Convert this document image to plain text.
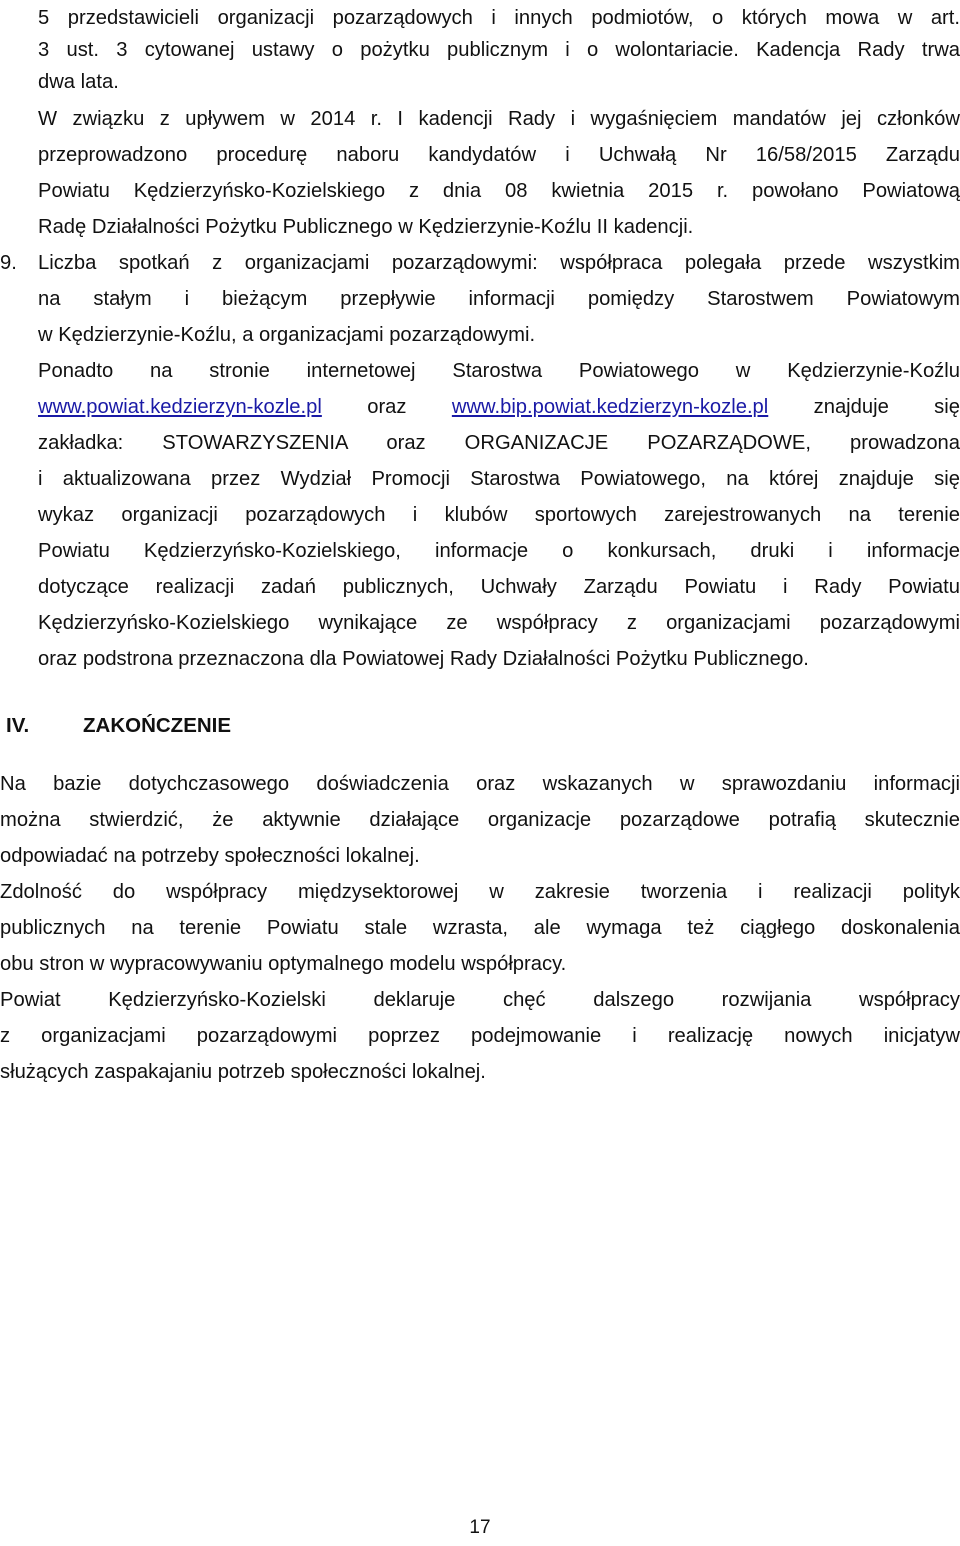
5 przedstawicieli organizacji pozarządowych i innych podmiotów, o których mowa w art.
3 ust. 3 cytowanej ustawy o pożytku publicznym i o wolontariacie. Kadencja Rady trwa
dwa lata.
W związku z upływem w 2014 r. I kadencji Rady i wygaśnięciem mandatów jej członków
przeprowadzono procedurę naboru kandydatów i Uchwałą Nr 16/58/2015 Zarządu
Powiatu Kędzierzyńsko-Kozielskiego z dnia 08 kwietnia 2015 r. powołano Powiatową
Radę Działalności Pożytku Publicznego w Kędzierzynie-Koźlu II kadencji.
9. Liczba spotkań z organizacjami pozarządowymi: współpraca polegała przede wszystkim
na stałym i bieżącym przepływie informacji pomiędzy Starostwem Powiatowym
w Kędzierzynie-Koźlu, a organizacjami pozarządowymi.
Ponadto na stronie internetowej Starostwa Powiatowego w Kędzierzynie-Koźlu
www.powiat.kedzierzyn-kozle.pl oraz www.bip.powiat.kedzierzyn-kozle.pl znajduje się
zakładka: STOWARZYSZENIA oraz ORGANIZACJE POZARZĄDOWE, prowadzona
i aktualizowana przez Wydział Promocji Starostwa Powiatowego, na której znajduje się
wykaz organizacji pozarządowych i klubów sportowych zarejestrowanych na terenie
Powiatu Kędzierzyńsko-Kozielskiego, informacje o konkursach, druki i informacje
dotyczące realizacji zadań publicznych, Uchwały Zarządu Powiatu i Rady Powiatu
Kędzierzyńsko-Kozielskiego wynikające ze współpracy z organizacjami pozarządowymi
oraz podstrona przeznaczona dla Powiatowej Rady Działalności Pożytku Publicznego.
IV.	ZAKOŃCZENIE
Na bazie dotychczasowego doświadczenia oraz wskazanych w sprawozdaniu informacji
można stwierdzić, że aktywnie działające organizacje pozarządowe potrafią skutecznie
odpowiadać na potrzeby społeczności lokalnej.
Zdolność do współpracy międzysektorowej w zakresie tworzenia i realizacji polityk
publicznych na terenie Powiatu stale wzrasta, ale wymaga też ciągłego doskonalenia
obu stron w wypracowywaniu optymalnego modelu współpracy.
Powiat Kędzierzyńsko-Kozielski deklaruje chęć dalszego rozwijania współpracy
z organizacjami pozarządowymi poprzez podejmowanie i realizację nowych inicjatyw
służących zaspakajaniu potrzeb społeczności lokalnej.
17
